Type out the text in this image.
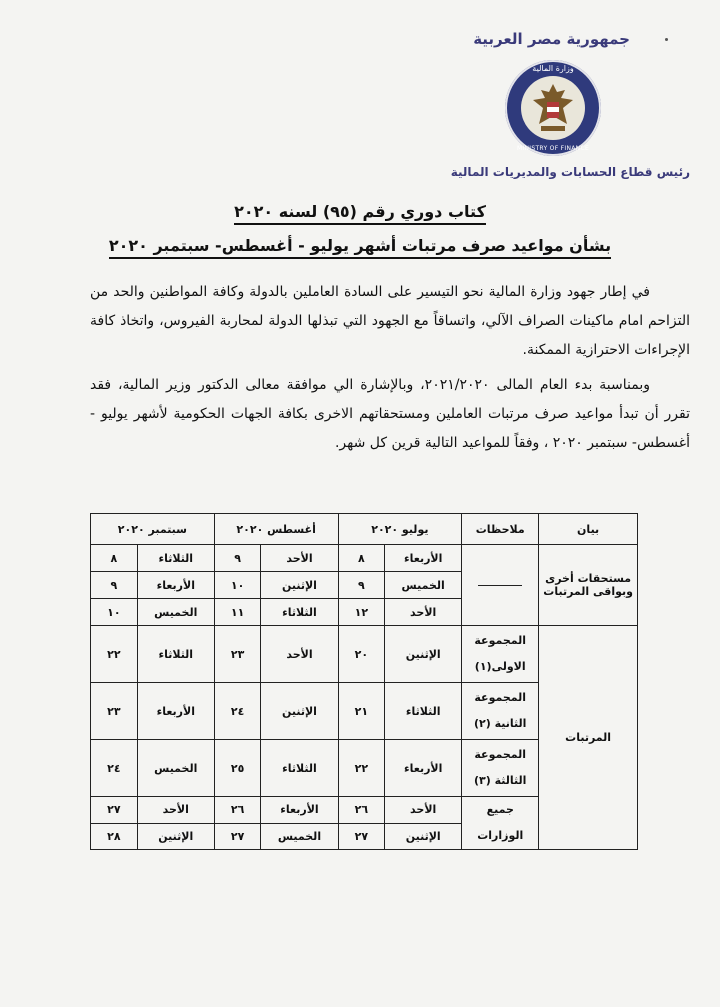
جمهورية مصر العربية
وزارة المالية
MINISTRY OF FINANCE
رئيس قطاع الحسابات والمديريات المالية
كتاب دوري رقم (٩٥) لسنه ٢٠٢٠
بشأن مواعيد صرف مرتبات أشهر يوليو - أغسطس- سبتمبر ٢٠٢٠

في إطار جهود وزارة المالية نحو التيسير على السادة العاملين بالدولة وكافة المواطنين والحد من التزاحم امام ماكينات الصراف الآلي، واتساقاً مع الجهود التي تبذلها الدولة لمحاربة الفيروس، واتخاذ كافة الإجراءات الاحترازية الممكنة.

وبمناسبة بدء العام المالى ٢٠٢١/٢٠٢٠، وبالإشارة الي موافقة معالى الدكتور وزير المالية، فقد تقرر أن تبدأ مواعيد صرف مرتبات العاملين ومستحقاتهم الاخرى بكافة الجهات الحكومية لأشهر يوليو - أغسطس- سبتمبر ٢٠٢٠ ، وفقاً للمواعيد التالية قرين كل شهر.

بيان	ملاحظات	يوليو ٢٠٢٠		أغسطس ٢٠٢٠		سبتمبر ٢٠٢٠	
مستحقات أخرى وبواقى المرتبات		الأربعاء	٨	الأحد	٩	الثلاثاء	٨
		الخميس	٩	الإثنين	١٠	الأربعاء	٩
		الأحد	١٢	الثلاثاء	١١	الخميس	١٠
المرتبات	المجموعة الاولى(١)	الإثنين	٢٠	الأحد	٢٣	الثلاثاء	٢٢
	المجموعة الثانية (٢)	الثلاثاء	٢١	الإثنين	٢٤	الأربعاء	٢٣
	المجموعة الثالثة (٣)	الأربعاء	٢٢	الثلاثاء	٢٥	الخميس	٢٤
	جميع الوزارات	الأحد	٢٦	الأربعاء	٢٦	الأحد	٢٧
		الإثنين	٢٧	الخميس	٢٧	الإثنين	٢٨
